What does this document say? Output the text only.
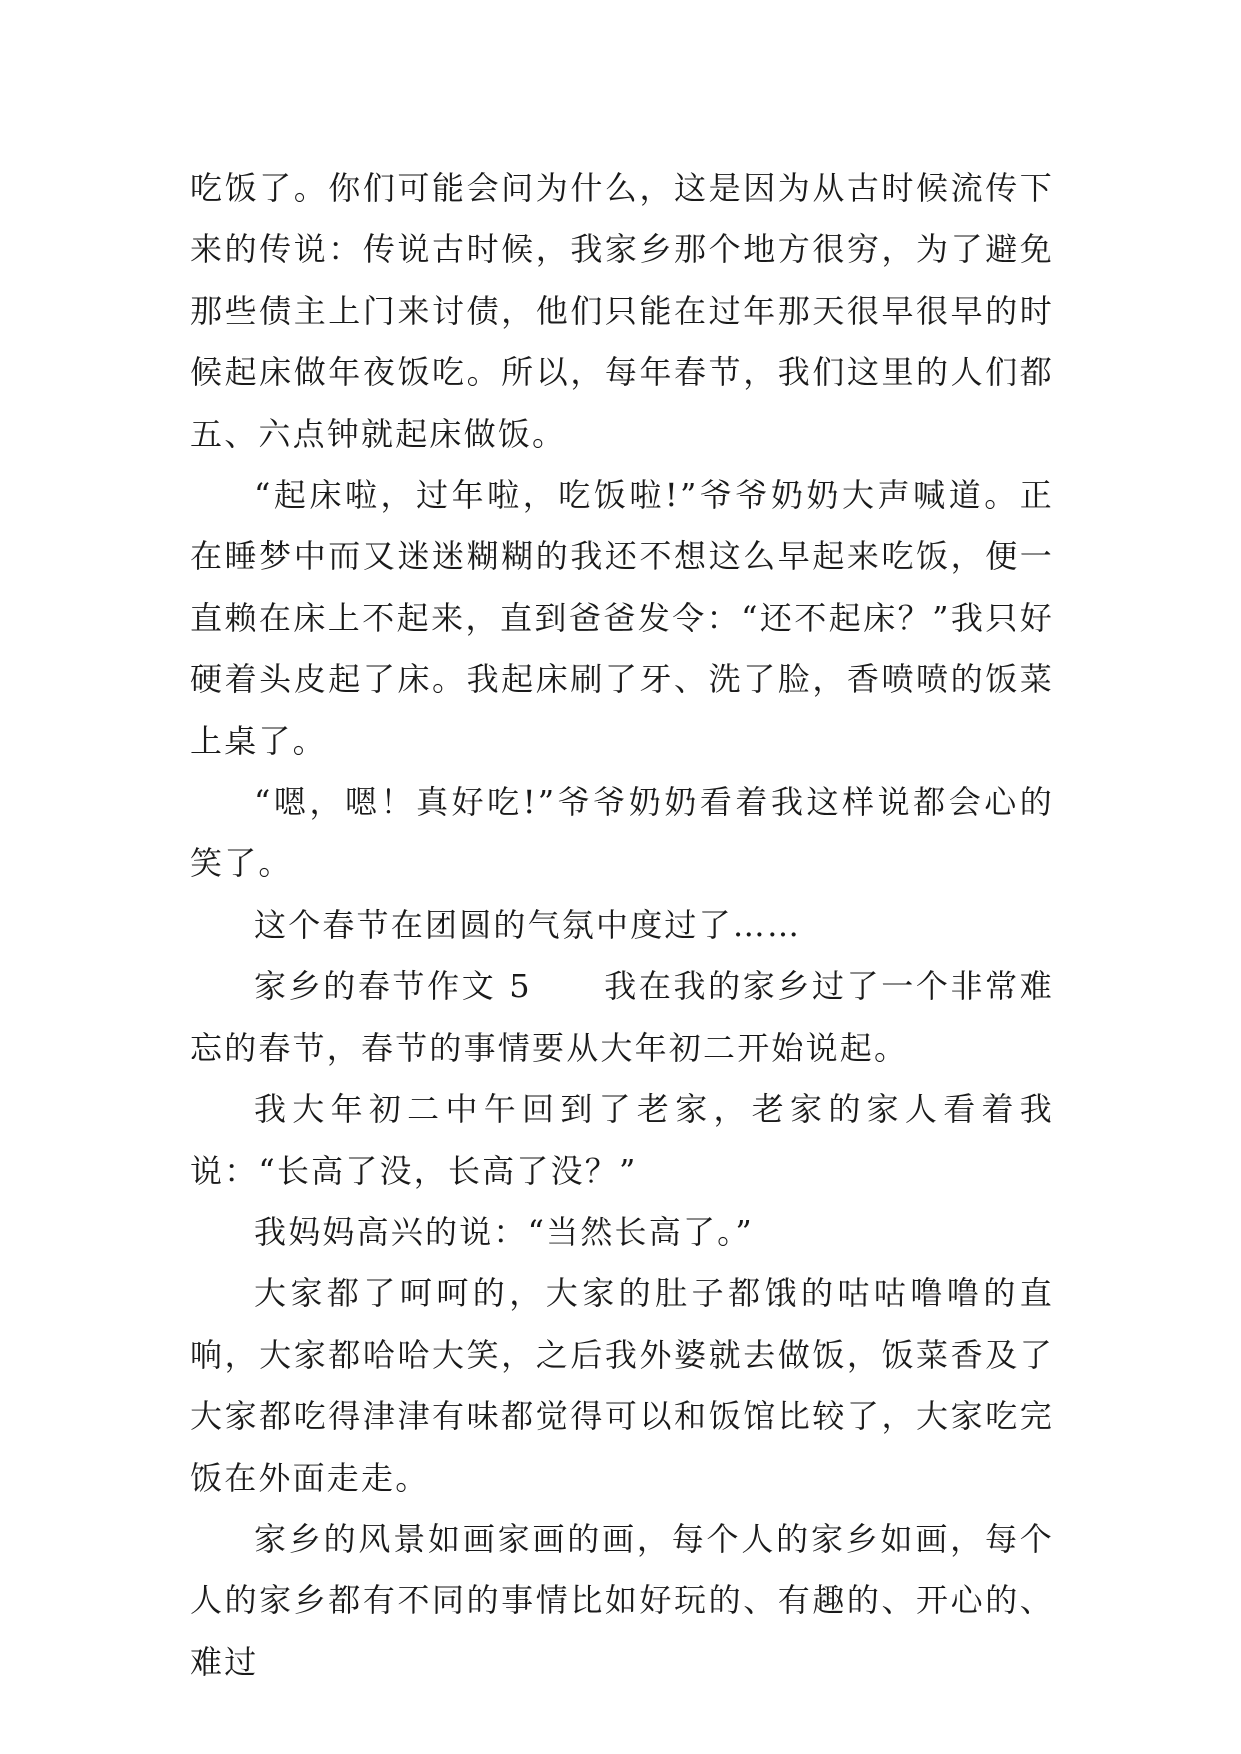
吃饭了。你们可能会问为什么，这是因为从古时候流传下来的传说：传说古时候，我家乡那个地方很穷，为了避免那些债主上门来讨债，他们只能在过年那天很早很早的时候起床做年夜饭吃。所以，每年春节，我们这里的人们都五、六点钟就起床做饭。

“起床啦，过年啦，吃饭啦!”爷爷奶奶大声喊道。正在睡梦中而又迷迷糊糊的我还不想这么早起来吃饭，便一直赖在床上不起来，直到爸爸发令：“还不起床？”我只好硬着头皮起了床。我起床刷了牙、洗了脸，香喷喷的饭菜上桌了。

“嗯，嗯！真好吃!”爷爷奶奶看着我这样说都会心的笑了。

这个春节在团圆的气氛中度过了……

家乡的春节作文 5 我在我的家乡过了一个非常难忘的春节，春节的事情要从大年初二开始说起。

我大年初二中午回到了老家，老家的家人看着我说：“长高了没，长高了没？”

我妈妈高兴的说：“当然长高了。”

大家都了呵呵的，大家的肚子都饿的咕咕噜噜的直响，大家都哈哈大笑，之后我外婆就去做饭，饭菜香及了大家都吃得津津有味都觉得可以和饭馆比较了，大家吃完饭在外面走走。

家乡的风景如画家画的画，每个人的家乡如画，每个人的家乡都有不同的事情比如好玩的、有趣的、开心的、难过
